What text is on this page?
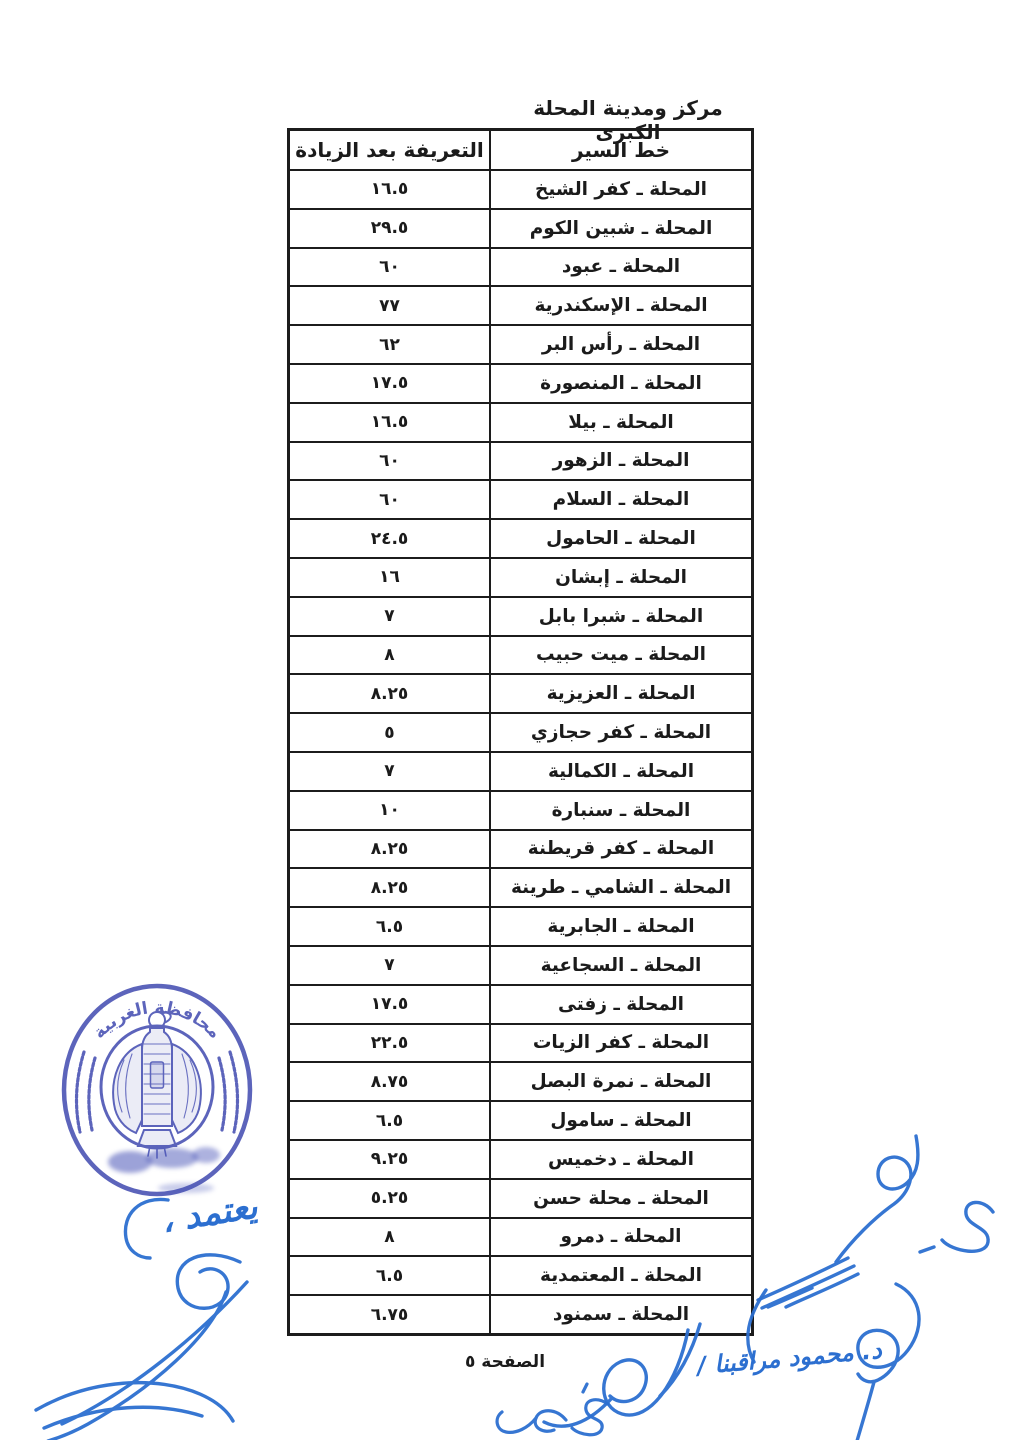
مركز ومدينة المحلة الكبرى
خط السير	التعريفة بعد الزيادة
المحلة ـ كفر الشيخ	١٦.٥
المحلة ـ شبين الكوم	٢٩.٥
المحلة ـ عبود	٦٠
المحلة ـ الإسكندرية	٧٧
المحلة ـ رأس البر	٦٢
المحلة ـ المنصورة	١٧.٥
المحلة ـ بيلا	١٦.٥
المحلة ـ الزهور	٦٠
المحلة ـ السلام	٦٠
المحلة ـ الحامول	٢٤.٥
المحلة ـ إبشان	١٦
المحلة ـ شبرا بابل	٧
المحلة ـ ميت حبيب	٨
المحلة ـ العزيزية	٨.٢٥
المحلة ـ كفر حجازي	٥
المحلة ـ الكمالية	٧
المحلة ـ سنبارة	١٠
المحلة ـ كفر قريطنة	٨.٢٥
المحلة ـ الشامي ـ طرينة	٨.٢٥
المحلة ـ الجابرية	٦.٥
المحلة ـ السجاعية	٧
المحلة ـ زفتى	١٧.٥
المحلة ـ كفر الزيات	٢٢.٥
المحلة ـ نمرة البصل	٨.٧٥
المحلة ـ سامول	٦.٥
المحلة ـ دخميس	٩.٢٥
المحلة ـ محلة حسن	٥.٢٥
المحلة ـ دمرو	٨
المحلة ـ المعتمدية	٦.٥
المحلة ـ سمنود	٦.٧٥
الصفحة ٥
يعتمد ،
د. محمود مراقبنا /
محافظة الغربية
